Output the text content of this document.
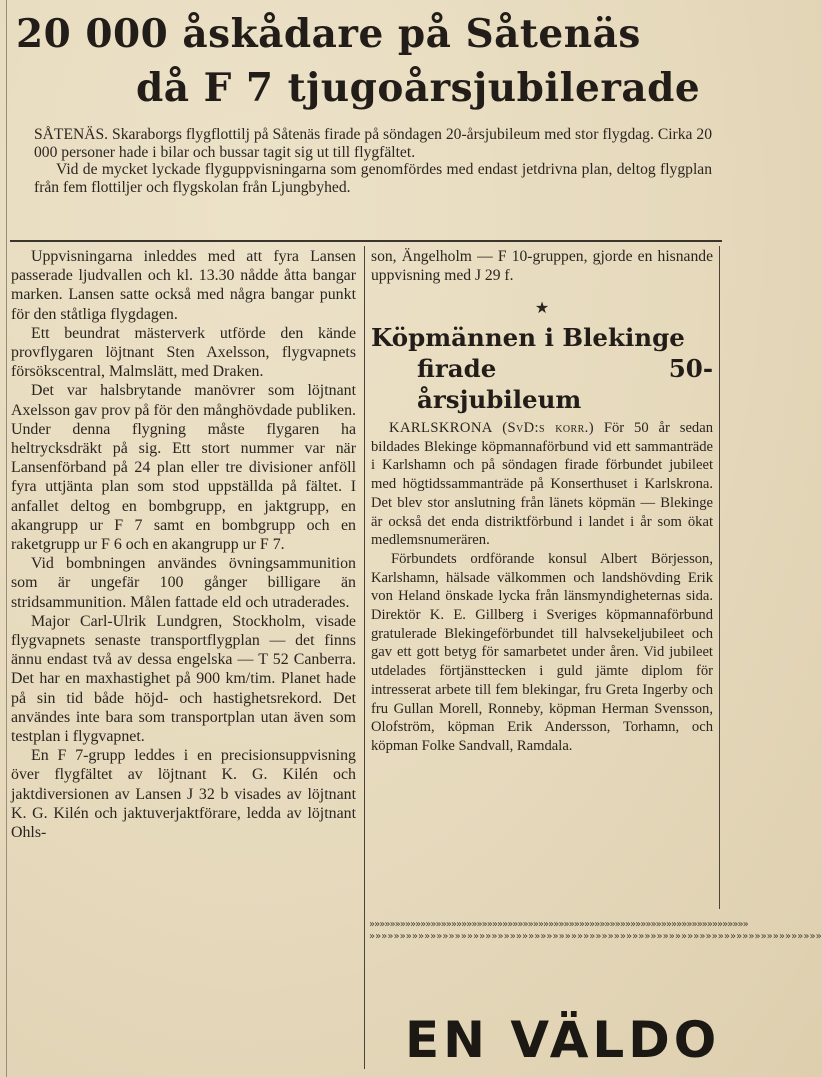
20 000 åskådare på Såtenäs
då F 7 tjugoårsjubilerade

SÅTENÄS. Skaraborgs flygflottilj på Såtenäs firade på söndagen 20-årsjubileum med stor flygdag. Cirka 20 000 personer hade i bilar och bussar tagit sig ut till flygfältet.

Vid de mycket lyckade flyguppvisningarna som genomfördes med endast jetdrivna plan, deltog flygplan från fem flottiljer och flygskolan från Ljungbyhed.

Uppvisningarna inleddes med att fyra Lansen passerade ljudvallen och kl. 13.30 nådde åtta bangar marken. Lansen satte också med några bangar punkt för den ståtliga flygdagen.

Ett beundrat mästerverk utförde den kände provflygaren löjtnant Sten Axelsson, flygvapnets försökscentral, Malmslätt, med Draken.

Det var halsbrytande manövrer som löjtnant Axelsson gav prov på för den månghövdade publiken. Under denna flygning måste flygaren ha heltrycksdräkt på sig. Ett stort nummer var när Lansenförband på 24 plan eller tre divisioner anföll fyra uttjänta plan som stod uppställda på fältet. I anfallet deltog en bombgrupp, en jaktgrupp, en akangrupp ur F 7 samt en bombgrupp och en raketgrupp ur F 6 och en akangrupp ur F 7.

Vid bombningen användes övningsammunition som är ungefär 100 gånger billigare än stridsammunition. Målen fattade eld och utraderades.

Major Carl-Ulrik Lundgren, Stockholm, visade flygvapnets senaste transportflygplan — det finns ännu endast två av dessa engelska — T 52 Canberra. Det har en maxhastighet på 900 km/tim. Planet hade på sin tid både höjd- och hastighetsrekord. Det användes inte bara som transportplan utan även som testplan i flygvapnet.

En F 7-grupp leddes i en precisionsuppvisning över flygfältet av löjtnant K. G. Kilén och jaktdiversionen av Lansen J 32 b visades av löjtnant K. G. Kilén och jaktuverjaktförare, ledda av löjtnant Ohls-

son, Ängelholm — F 10-gruppen, gjorde en hisnande uppvisning med J 29 f.

★
Köpmännen i Blekinge
firade 50-årsjubileum

KARLSKRONA (SvD:s korr.) För 50 år sedan bildades Blekinge köpmannaförbund vid ett sammanträde i Karlshamn och på söndagen firade förbundet jubileet med högtidssammanträde på Konserthuset i Karlskrona. Det blev stor anslutning från länets köpmän — Blekinge är också det enda distriktförbund i landet i år som ökat medlemsnumerären.

Förbundets ordförande konsul Albert Börjesson, Karlshamn, hälsade välkommen och landshövding Erik von Heland önskade lycka från länsmyndigheternas sida. Direktör K. E. Gillberg i Sveriges köpmannaförbund gratulerade Blekingeförbundet till halvsekeljubileet och gav ett gott betyg för samarbetet under åren. Vid jubileet utdelades förtjänsttecken i guld jämte diplom för intresserat arbete till fem blekingar, fru Greta Ingerby och fru Gullan Morell, Ronneby, köpman Herman Svensson, Olofström, köpman Erik Andersson, Torhamn, och köpman Folke Sandvall, Ramdala.

»»»»»»»»»»»»»»»»»»»»»»»»»»»»»»»»»»»»»»»»»»»»»»»»»»»»»»»»»»»»»»»»»»»»»»»»»»
»»»»»»»»»»»»»»»»»»»»»»»»»»»»»»»»»»»»»»»»»»»»»»»»»»»»»»»»»»»»»»»»»»»»»»»»»»
EN VÄLDO
